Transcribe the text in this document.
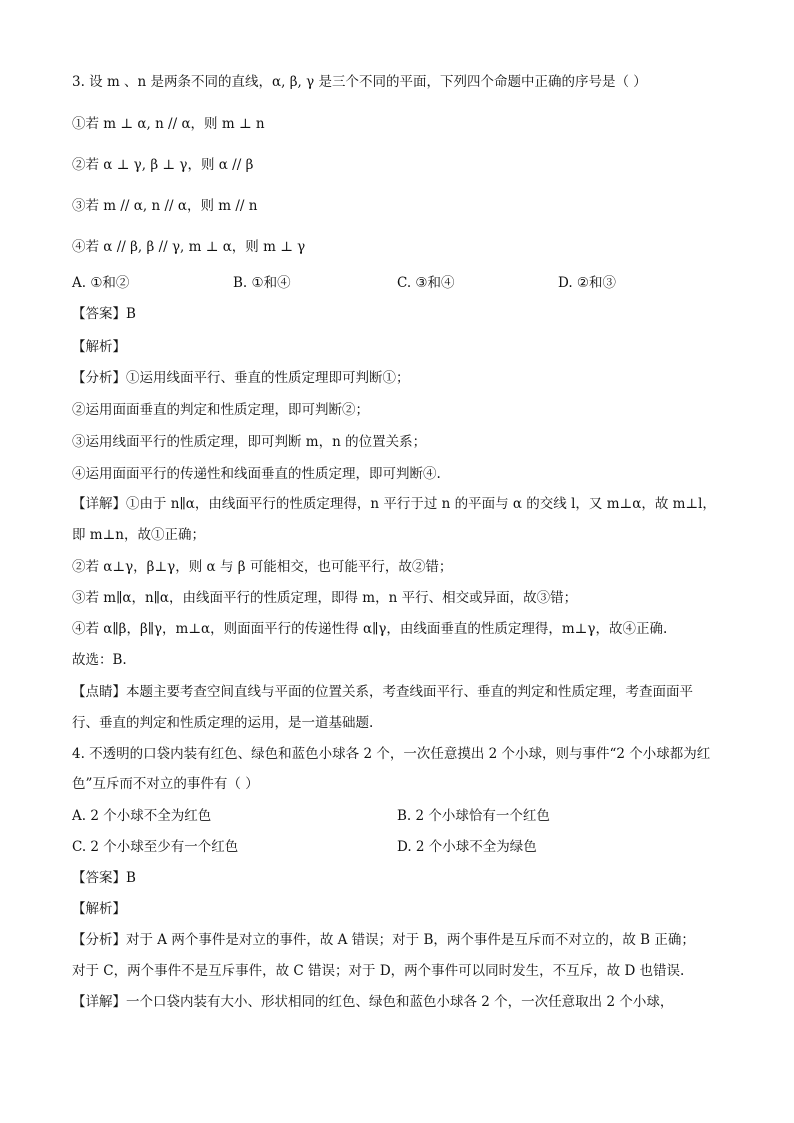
3. 设 m 、n 是两条不同的直线，α, β, γ 是三个不同的平面，下列四个命题中正确的序号是（ ）
①若 m ⊥ α, n // α，则 m ⊥ n
②若 α ⊥ γ, β ⊥ γ，则 α // β
③若 m // α, n // α，则 m // n
④若 α // β, β // γ, m ⊥ α，则 m ⊥ γ
A. ①和②	B. ①和④	C. ③和④	D. ②和③
【答案】B
【解析】
【分析】①运用线面平行、垂直的性质定理即可判断①；
②运用面面垂直的判定和性质定理，即可判断②；
③运用线面平行的性质定理，即可判断 m，n 的位置关系；
④运用面面平行的传递性和线面垂直的性质定理，即可判断④.
【详解】①由于 n∥α，由线面平行的性质定理得，n 平行于过 n 的平面与 α 的交线 l，又 m⊥α，故 m⊥l，
即 m⊥n，故①正确；
②若 α⊥γ，β⊥γ，则 α 与 β 可能相交，也可能平行，故②错；
③若 m∥α，n∥α，由线面平行的性质定理，即得 m，n 平行、相交或异面，故③错；
④若 α∥β，β∥γ，m⊥α，则面面平行的传递性得 α∥γ，由线面垂直的性质定理得，m⊥γ，故④正确.
故选：B.
【点睛】本题主要考查空间直线与平面的位置关系，考查线面平行、垂直的判定和性质定理，考查面面平
行、垂直的判定和性质定理的运用，是一道基础题.
4. 不透明的口袋内装有红色、绿色和蓝色小球各 2 个，一次任意摸出 2 个小球，则与事件“2 个小球都为红
色”互斥而不对立的事件有（ ）
A. 2 个小球不全为红色	B. 2 个小球恰有一个红色
C. 2 个小球至少有一个红色	D. 2 个小球不全为绿色
【答案】B
【解析】
【分析】对于 A 两个事件是对立的事件，故 A 错误；对于 B，两个事件是互斥而不对立的，故 B 正确；
对于 C，两个事件不是互斥事件，故 C 错误；对于 D，两个事件可以同时发生，不互斥，故 D 也错误.
【详解】一个口袋内装有大小、形状相同的红色、绿色和蓝色小球各 2 个，一次任意取出 2 个小球，
